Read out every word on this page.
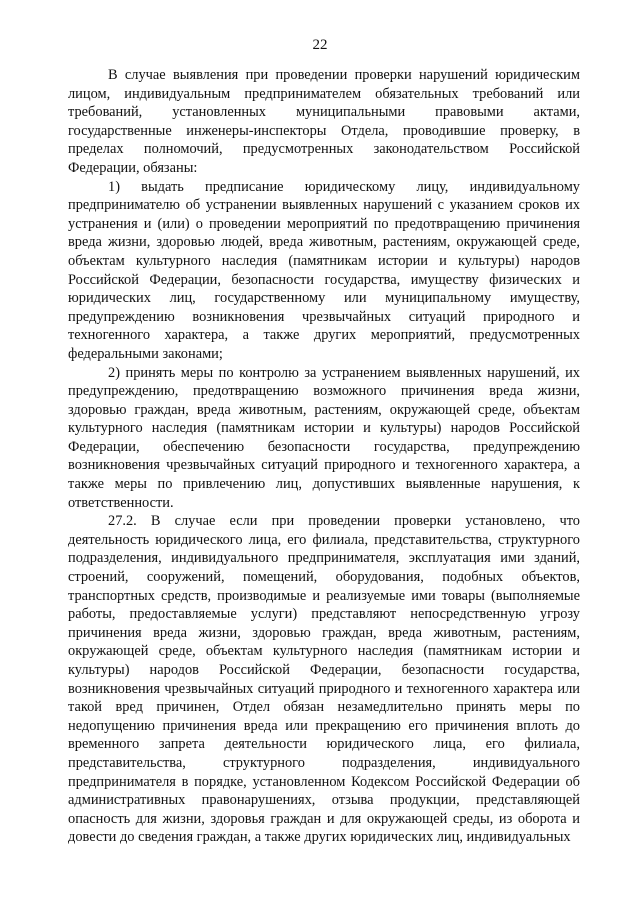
22

В случае выявления при проведении проверки нарушений юридическим лицом, индивидуальным предпринимателем обязательных требований или требований, установленных муниципальными правовыми актами, государственные инженеры-инспекторы Отдела, проводившие проверку, в пределах полномочий, предусмотренных законодательством Российской Федерации, обязаны:

1) выдать предписание юридическому лицу, индивидуальному предпринимателю об устранении выявленных нарушений с указанием сроков их устранения и (или) о проведении мероприятий по предотвращению причинения вреда жизни, здоровью людей, вреда животным, растениям, окружающей среде, объектам культурного наследия (памятникам истории и культуры) народов Российской Федерации, безопасности государства, имуществу физических и юридических лиц, государственному или муниципальному имуществу, предупреждению возникновения чрезвычайных ситуаций природного и техногенного характера, а также других мероприятий, предусмотренных федеральными законами;

2) принять меры по контролю за устранением выявленных нарушений, их предупреждению, предотвращению возможного причинения вреда жизни, здоровью граждан, вреда животным, растениям, окружающей среде, объектам культурного наследия (памятникам истории и культуры) народов Российской Федерации, обеспечению безопасности государства, предупреждению возникновения чрезвычайных ситуаций природного и техногенного характера, а также меры по привлечению лиц, допустивших выявленные нарушения, к ответственности.

27.2. В случае если при проведении проверки установлено, что деятельность юридического лица, его филиала, представительства, структурного подразделения, индивидуального предпринимателя, эксплуатация ими зданий, строений, сооружений, помещений, оборудования, подобных объектов, транспортных средств, производимые и реализуемые ими товары (выполняемые работы, предоставляемые услуги) представляют непосредственную угрозу причинения вреда жизни, здоровью граждан, вреда животным, растениям, окружающей среде, объектам культурного наследия (памятникам истории и культуры) народов Российской Федерации, безопасности государства, возникновения чрезвычайных ситуаций природного и техногенного характера или такой вред причинен, Отдел обязан незамедлительно принять меры по недопущению причинения вреда или прекращению его причинения вплоть до временного запрета деятельности юридического лица, его филиала, представительства, структурного подразделения, индивидуального предпринимателя в порядке, установленном Кодексом Российской Федерации об административных правонарушениях, отзыва продукции, представляющей опасность для жизни, здоровья граждан и для окружающей среды, из оборота и довести до сведения граждан, а также других юридических лиц, индивидуальных
